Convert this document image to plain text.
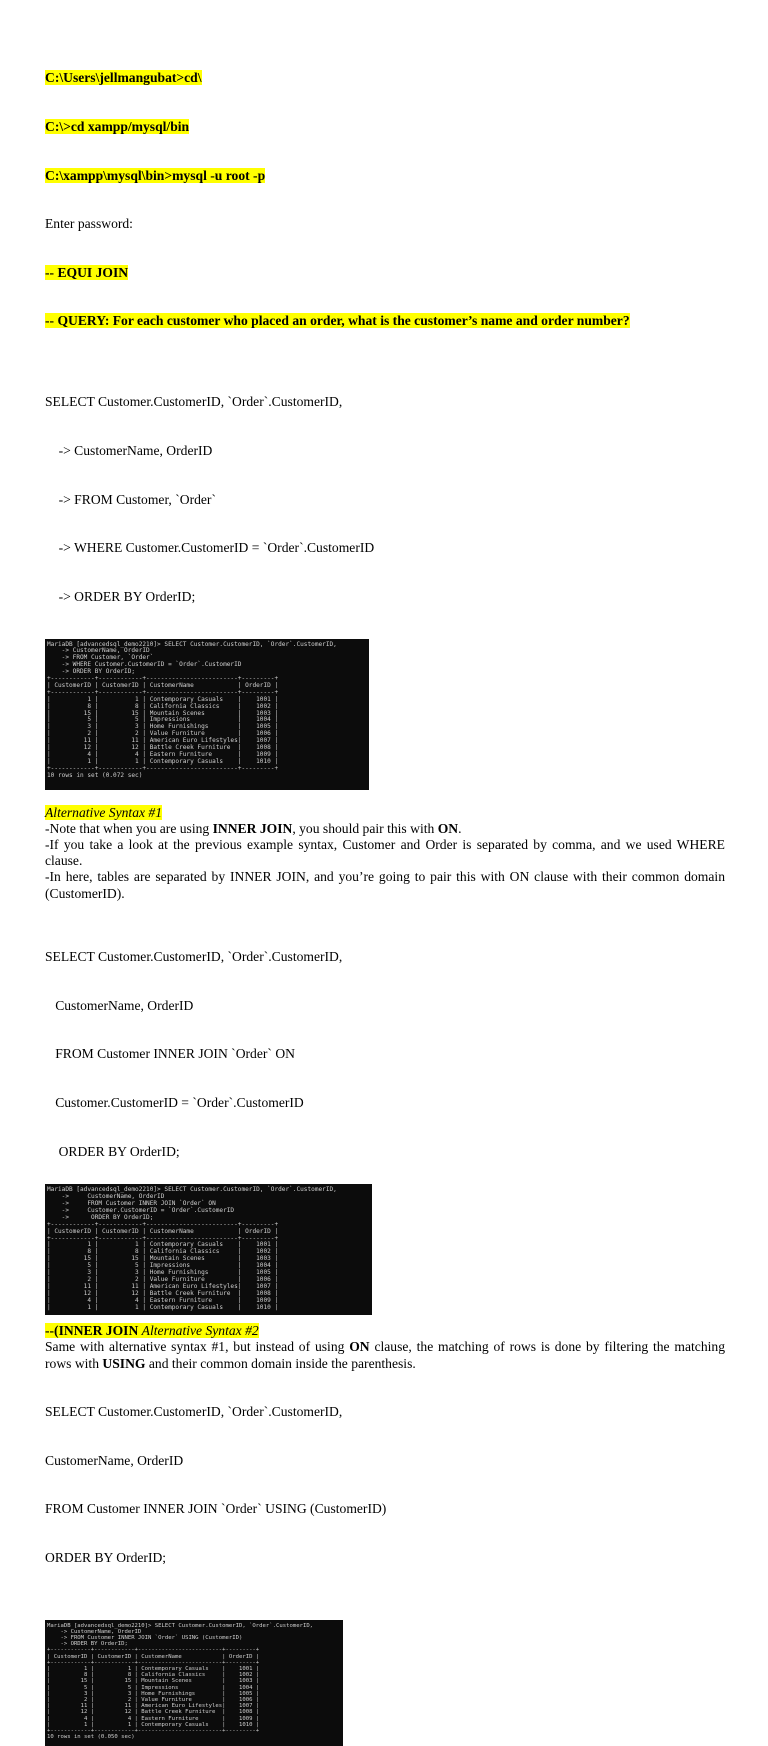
C:\Users\jellmangubat>cd\

C:\>cd xampp/mysql/bin

C:\xampp\mysql\bin>mysql -u root -p

Enter password:

-- EQUI JOIN

-- QUERY: For each customer who placed an order, what is the customer’s name and order number?

SELECT Customer.CustomerID, `Order`.CustomerID,

-> CustomerName, OrderID

-> FROM Customer, `Order`

-> WHERE Customer.CustomerID = `Order`.CustomerID

-> ORDER BY OrderID;

MariaDB [advancedsql_demo2210]> SELECT Customer.CustomerID, `Order`.CustomerID,
-> CustomerName, OrderID
-> FROM Customer, `Order`
-> WHERE Customer.CustomerID = `Order`.CustomerID
-> ORDER BY OrderID;
+------------+------------+-------------------------+---------+
| CustomerID | CustomerID | CustomerName            | OrderID |
+------------+------------+-------------------------+---------+
|          1 |          1 | Contemporary Casuals    |    1001 |
|          8 |          8 | California Classics     |    1002 |
|         15 |         15 | Mountain Scenes         |    1003 |
|          5 |          5 | Impressions             |    1004 |
|          3 |          3 | Home Furnishings        |    1005 |
|          2 |          2 | Value Furniture         |    1006 |
|         11 |         11 | American Euro Lifestyles|    1007 |
|         12 |         12 | Battle Creek Furniture  |    1008 |
|          4 |          4 | Eastern Furniture       |    1009 |
|          1 |          1 | Contemporary Casuals    |    1010 |
+------------+------------+-------------------------+---------+
10 rows in set (0.072 sec)
Alternative Syntax #1
-Note that when you are using INNER JOIN, you should pair this with ON.
-If you take a look at the previous example syntax, Customer and Order is separated by comma, and we used WHERE clause.
-In here, tables are separated by INNER JOIN, and you’re going to pair this with ON clause with their common domain (CustomerID).

SELECT Customer.CustomerID, `Order`.CustomerID,

CustomerName, OrderID

FROM Customer INNER JOIN `Order` ON

Customer.CustomerID = `Order`.CustomerID

ORDER BY OrderID;

MariaDB [advancedsql_demo2210]> SELECT Customer.CustomerID, `Order`.CustomerID,
->     CustomerName, OrderID
->     FROM Customer INNER JOIN `Order` ON
->     Customer.CustomerID = `Order`.CustomerID
->      ORDER BY OrderID;
+------------+------------+-------------------------+---------+
| CustomerID | CustomerID | CustomerName            | OrderID |
+------------+------------+-------------------------+---------+
|          1 |          1 | Contemporary Casuals    |    1001 |
|          8 |          8 | California Classics     |    1002 |
|         15 |         15 | Mountain Scenes         |    1003 |
|          5 |          5 | Impressions             |    1004 |
|          3 |          3 | Home Furnishings        |    1005 |
|          2 |          2 | Value Furniture         |    1006 |
|         11 |         11 | American Euro Lifestyles|    1007 |
|         12 |         12 | Battle Creek Furniture  |    1008 |
|          4 |          4 | Eastern Furniture       |    1009 |
|          1 |          1 | Contemporary Casuals    |    1010 |
--(INNER JOIN Alternative Syntax #2
Same with alternative syntax #1, but instead of using ON clause, the matching of rows is done by filtering the matching rows with USING and their common domain inside the parenthesis.

SELECT Customer.CustomerID, `Order`.CustomerID,

CustomerName, OrderID

FROM Customer INNER JOIN `Order` USING (CustomerID)

ORDER BY OrderID;

MariaDB [advancedsql_demo2210]> SELECT Customer.CustomerID, `Order`.CustomerID,
-> CustomerName, OrderID
-> FROM Customer INNER JOIN `Order` USING (CustomerID)
-> ORDER BY OrderID;
+------------+------------+-------------------------+---------+
| CustomerID | CustomerID | CustomerName            | OrderID |
+------------+------------+-------------------------+---------+
|          1 |          1 | Contemporary Casuals    |    1001 |
|          8 |          8 | California Classics     |    1002 |
|         15 |         15 | Mountain Scenes         |    1003 |
|          5 |          5 | Impressions             |    1004 |
|          3 |          3 | Home Furnishings        |    1005 |
|          2 |          2 | Value Furniture         |    1006 |
|         11 |         11 | American Euro Lifestyles|    1007 |
|         12 |         12 | Battle Creek Furniture  |    1008 |
|          4 |          4 | Eastern Furniture       |    1009 |
|          1 |          1 | Contemporary Casuals    |    1010 |
+------------+------------+-------------------------+---------+
10 rows in set (0.050 sec)
